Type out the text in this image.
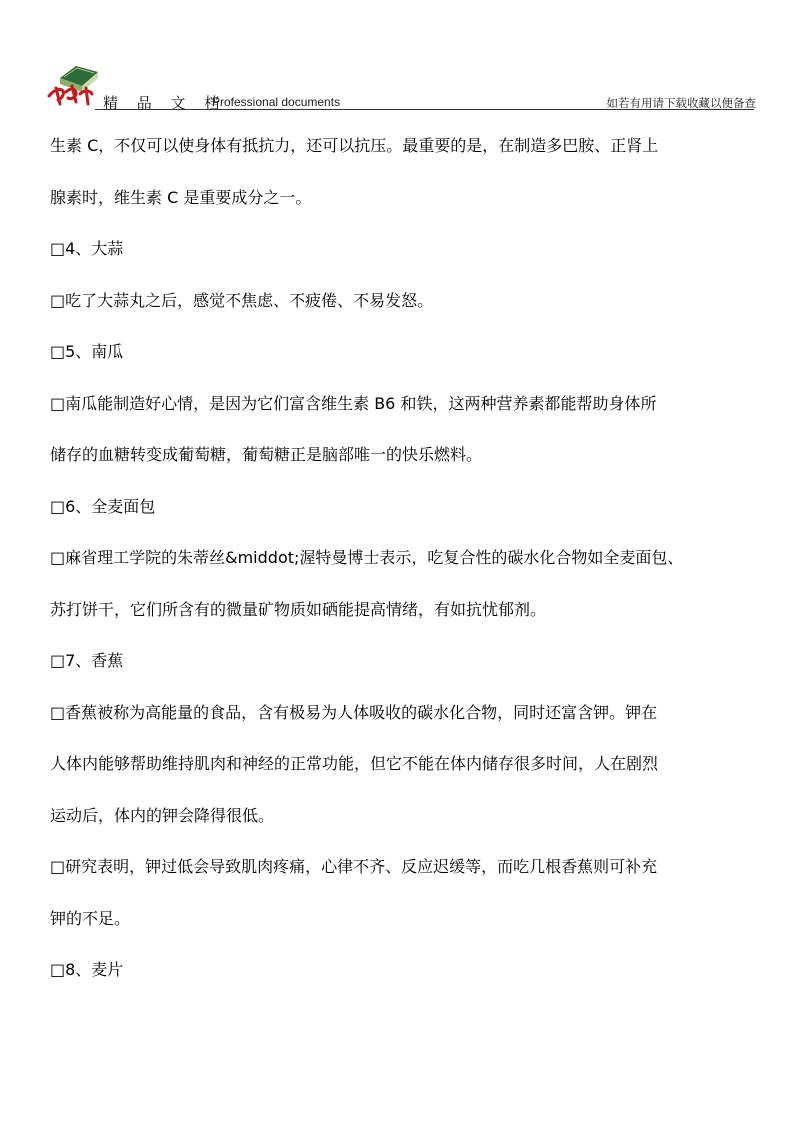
精 品 文 档
Professional documents	如若有用请下载收藏以便备查

生素 C，不仅可以使身体有抵抗力，还可以抗压。最重要的是，在制造多巴胺、正肾上

腺素时，维生素 C 是重要成分之一。

□4、大蒜

□吃了大蒜丸之后，感觉不焦虑、不疲倦、不易发怒。

□5、南瓜

□南瓜能制造好心情，是因为它们富含维生素 B6 和铁，这两种营养素都能帮助身体所

储存的血糖转变成葡萄糖，葡萄糖正是脑部唯一的快乐燃料。

□6、全麦面包

□麻省理工学院的朱蒂丝&middot;渥特曼博士表示，吃复合性的碳水化合物如全麦面包、

苏打饼干，它们所含有的微量矿物质如硒能提高情绪，有如抗忧郁剂。

□7、香蕉

□香蕉被称为高能量的食品，含有极易为人体吸收的碳水化合物，同时还富含钾。钾在

人体内能够帮助维持肌肉和神经的正常功能，但它不能在体内储存很多时间，人在剧烈

运动后，体内的钾会降得很低。

□研究表明，钾过低会导致肌肉疼痛，心律不齐、反应迟缓等，而吃几根香蕉则可补充

钾的不足。

□8、麦片
